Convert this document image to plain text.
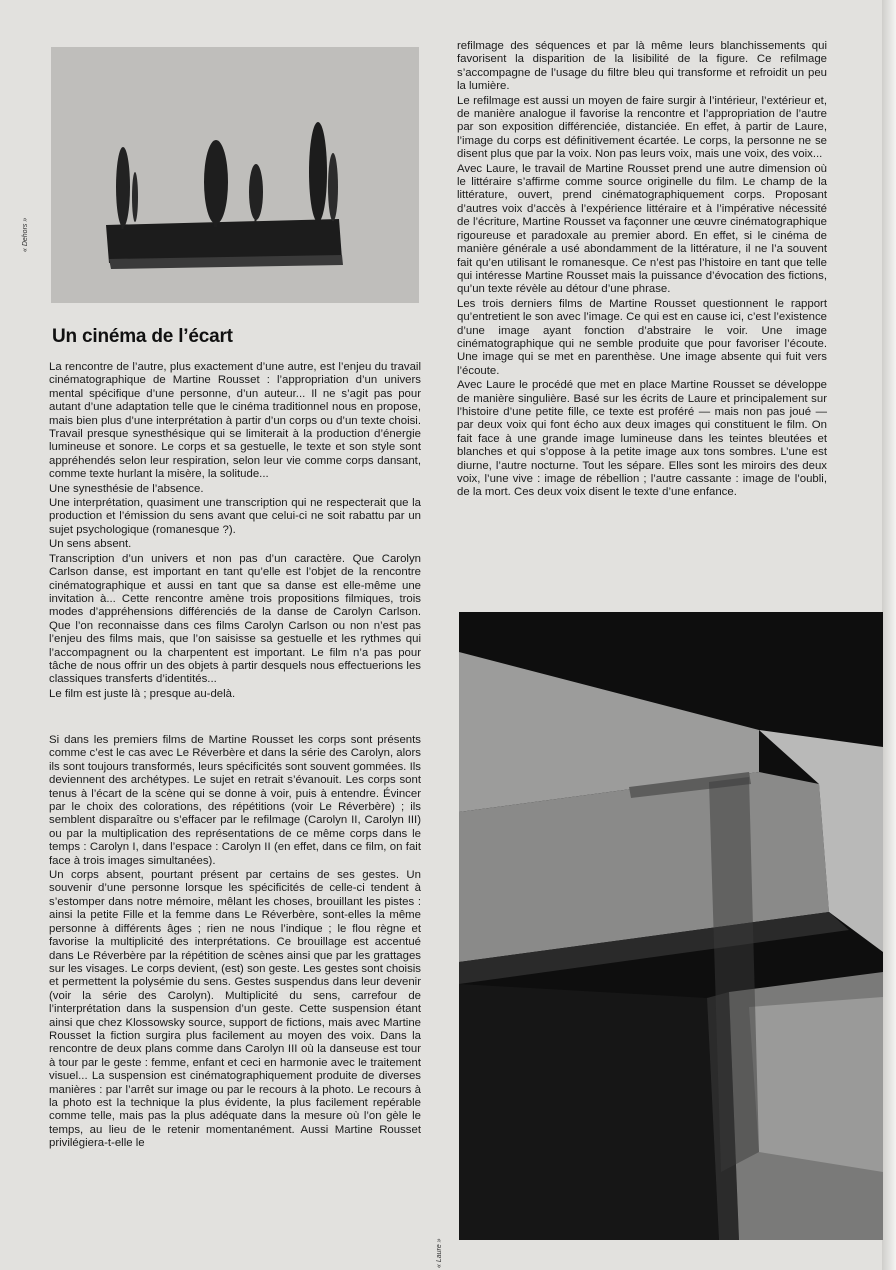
« Dehors »
Un cinéma de l’écart

La rencontre de l’autre, plus exactement d’une autre, est l’enjeu du travail cinématographique de Martine Rousset : l’appropriation d’un univers mental spécifique d’une personne, d’un auteur... Il ne s’agit pas pour autant d’une adaptation telle que le cinéma traditionnel nous en propose, mais bien plus d’une interprétation à partir d’un corps ou d’un texte choisi. Travail presque synesthésique qui se limiterait à la production d’énergie lumineuse et sonore. Le corps et sa gestuelle, le texte et son style sont appréhendés selon leur respiration, selon leur vie comme corps dansant, comme texte hurlant la misère, la solitude...

Une synesthésie de l’absence.

Une interprétation, quasiment une transcription qui ne respecterait que la production et l’émission du sens avant que celui-ci ne soit rabattu par un sujet psychologique (romanesque ?).

Un sens absent.

Transcription d’un univers et non pas d’un caractère. Que Carolyn Carlson danse, est important en tant qu’elle est l’objet de la rencontre cinématographique et aussi en tant que sa danse est elle-même une invitation à... Cette rencontre amène trois propositions filmiques, trois modes d’appréhensions différenciés de la danse de Carolyn Carlson. Que l’on reconnaisse dans ces films Carolyn Carlson ou non n’est pas l’enjeu des films mais, que l’on saisisse sa gestuelle et les rythmes qui l’accompagnent ou la charpentent est important. Le film n’a pas pour tâche de nous offrir un des objets à partir desquels nous effectuerions les classiques transferts d’identités...

Le film est juste là ; presque au-delà.

Si dans les premiers films de Martine Rousset les corps sont présents comme c’est le cas avec Le Réverbère et dans la série des Carolyn, alors ils sont toujours transformés, leurs spécificités sont souvent gommées. Ils deviennent des archétypes. Le sujet en retrait s’évanouit. Les corps sont tenus à l’écart de la scène qui se donne à voir, puis à entendre. Évincer par le choix des colorations, des répétitions (voir Le Réverbère) ; ils semblent disparaître ou s’effacer par le refilmage (Carolyn II, Carolyn III) ou par la multiplication des représentations de ce même corps dans le temps : Carolyn I, dans l’espace : Carolyn II (en effet, dans ce film, on fait face à trois images simultanées).

Un corps absent, pourtant présent par certains de ses gestes. Un souvenir d’une personne lorsque les spécificités de celle-ci tendent à s’estomper dans notre mémoire, mêlant les choses, brouillant les pistes : ainsi la petite Fille et la femme dans Le Réverbère, sont-elles la même personne à différents âges ; rien ne nous l’indique ; le flou règne et favorise la multiplicité des interprétations. Ce brouillage est accentué dans Le Réverbère par la répétition de scènes ainsi que par les grattages sur les visages. Le corps devient, (est) son geste. Les gestes sont choisis et permettent la polysémie du sens. Gestes suspendus dans leur devenir (voir la série des Carolyn). Multiplicité du sens, carrefour de l’interprétation dans la suspension d’un geste. Cette suspension étant ainsi que chez Klossowsky source, support de fictions, mais avec Martine Rousset la fiction surgira plus facilement au moyen des voix. Dans la rencontre de deux plans comme dans Carolyn III où la danseuse est tour à tour par le geste : femme, enfant et ceci en harmonie avec le traitement visuel... La suspension est cinématographiquement produite de diverses manières : par l’arrêt sur image ou par le recours à la photo. Le recours à la photo est la technique la plus évidente, la plus facilement repérable comme telle, mais pas la plus adéquate dans la mesure où l’on gèle le temps, au lieu de le retenir momentanément. Aussi Martine Rousset privilégiera-t-elle le

refilmage des séquences et par là même leurs blanchissements qui favorisent la disparition de la lisibilité de la figure. Ce refilmage s’accompagne de l’usage du filtre bleu qui transforme et refroidit un peu la lumière.

Le refilmage est aussi un moyen de faire surgir à l’intérieur, l’extérieur et, de manière analogue il favorise la rencontre et l’appropriation de l’autre par son exposition différenciée, distanciée. En effet, à partir de Laure, l’image du corps est définitivement écartée. Le corps, la personne ne se disent plus que par la voix. Non pas leurs voix, mais une voix, des voix...

Avec Laure, le travail de Martine Rousset prend une autre dimension où le littéraire s’affirme comme source originelle du film. Le champ de la littérature, ouvert, prend cinématographiquement corps. Proposant d’autres voix d’accès à l’expérience littéraire et à l’impérative nécessité de l’écriture, Martine Rousset va façonner une œuvre cinématographique rigoureuse et paradoxale au premier abord. En effet, si le cinéma de manière générale a usé abondamment de la littérature, il ne l’a souvent fait qu’en utilisant le romanesque. Ce n’est pas l’histoire en tant que telle qui intéresse Martine Rousset mais la puissance d’évocation des fictions, qu’un texte révèle au détour d’une phrase.

Les trois derniers films de Martine Rousset questionnent le rapport qu’entretient le son avec l’image. Ce qui est en cause ici, c’est l’existence d’une image ayant fonction d’abstraire le voir. Une image cinématographique qui ne semble produite que pour favoriser l’écoute. Une image qui se met en parenthèse. Une image absente qui fuit vers l’écoute.

Avec Laure le procédé que met en place Martine Rousset se développe de manière singulière. Basé sur les écrits de Laure et principalement sur l’histoire d’une petite fille, ce texte est proféré — mais non pas joué — par deux voix qui font écho aux deux images qui constituent le film. On fait face à une grande image lumineuse dans les teintes bleutées et blanches et qui s’oppose à la petite image aux tons sombres. L’une est diurne, l’autre nocturne. Tout les sépare. Elles sont les miroirs des deux voix, l’une vive : image de rébellion ; l’autre cassante : image de l’oubli, de la mort. Ces deux voix disent le texte d’une enfance.

« Laure »
